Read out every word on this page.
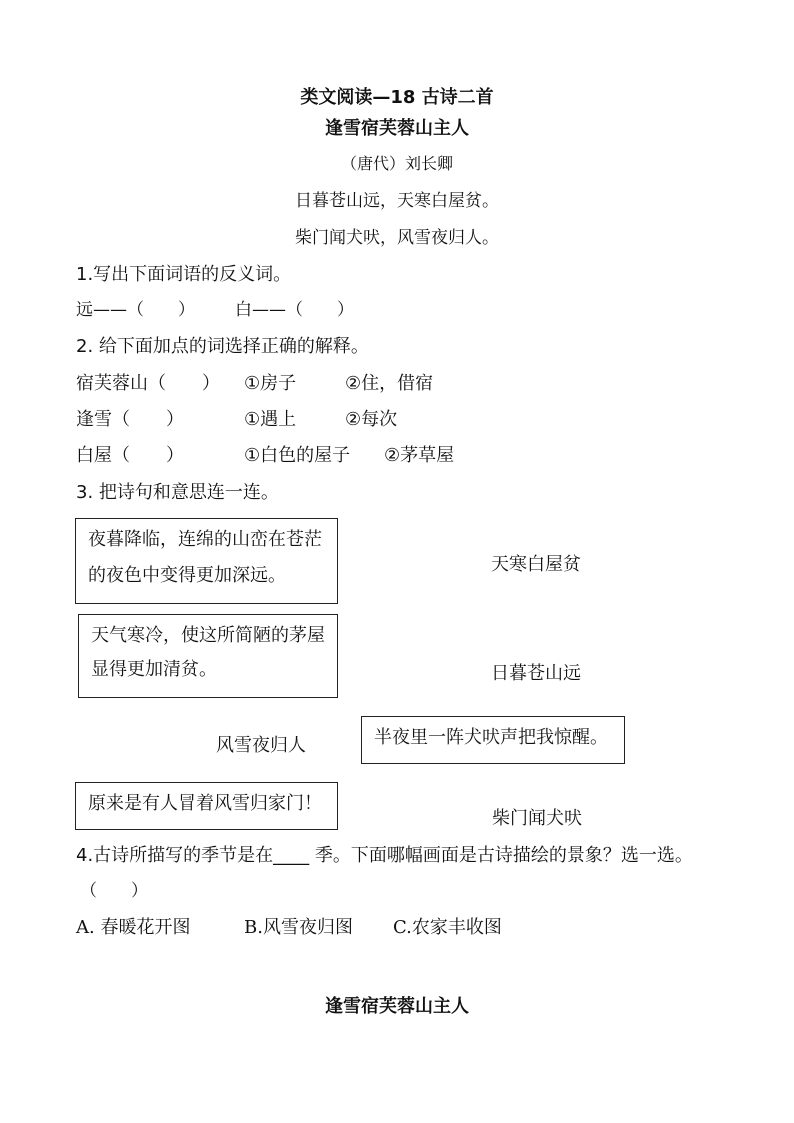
类文阅读—18 古诗二首
逢雪宿芙蓉山主人
（唐代）刘长卿
日暮苍山远，天寒白屋贫。
柴门闻犬吠，风雪夜归人。
1.写出下面词语的反义词。
远——（　　） 白——（　　）
2. 给下面加点的词选择正确的解释。
宿芙蓉山（　　） ①房子	②住，借宿
逢雪（　　）	①遇上	②每次
白屋（　　）	①白色的屋子 ②茅草屋
3. 把诗句和意思连一连。
夜暮降临，连绵的山峦在苍茫
的夜色中变得更加深远。
天寒白屋贫
天气寒冷，使这所简陋的茅屋
显得更加清贫。	日暮苍山远
半夜里一阵犬吠声把我惊醒。
风雪夜归人
原来是有人冒着风雪归家门！
柴门闻犬吠
4.古诗所描写的季节是在____ 季。下面哪幅画面是古诗描绘的景象？选一选。
（　　）
A. 春暖花开图	B.风雪夜归图 C.农家丰收图
逢雪宿芙蓉山主人
